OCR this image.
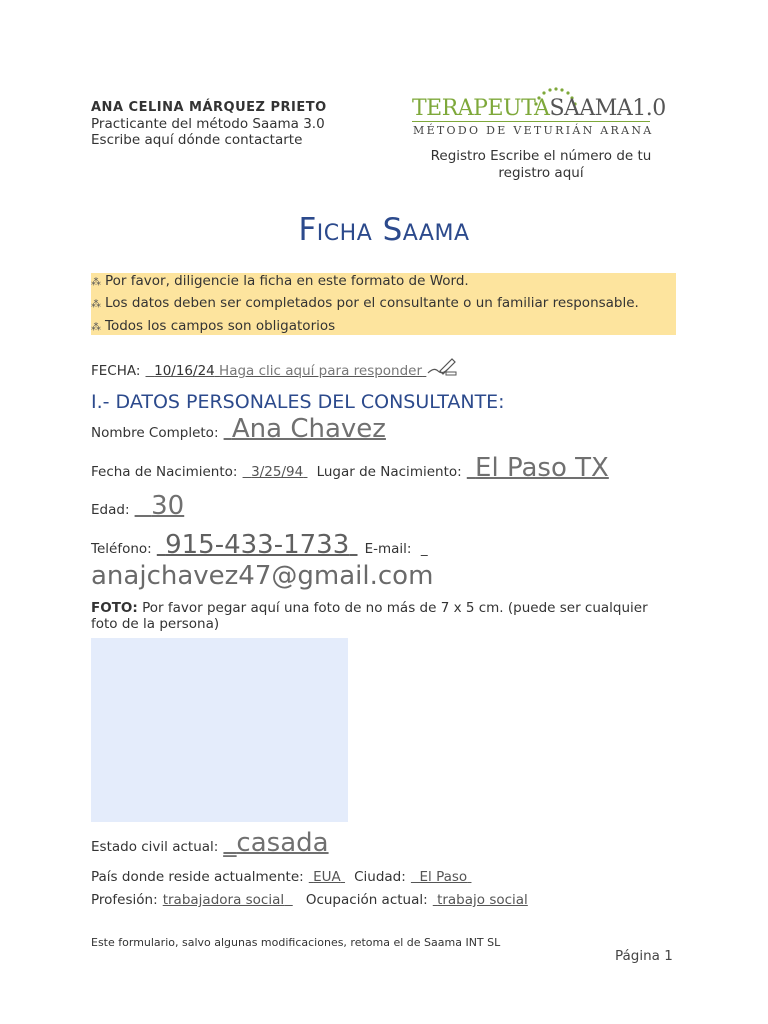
ANA CELINA MÁRQUEZ PRIETO
Practicante del método Saama 3.0
Escribe aquí dónde contactarte
TERAPEUTASAAMA1.0
MÉTODO DE VETURIÁN ARANA
Registro Escribe el número de tu registro aquí
Ficha Saama
⁂ Por favor, diligencie la ficha en este formato de Word.
⁂ Los datos deben ser completados por el consultante o un familiar responsable.
⁂ Todos los campos son obligatorios
FECHA: 10/16/24 Haga clic aquí para responder
I.- DATOS PERSONALES DEL CONSULTANTE:
Nombre Completo: Ana Chavez
Fecha de Nacimiento: 3/25/94 Lugar de Nacimiento: El Paso TX
Edad: 30
Teléfono: 915-433-1733 E-mail:  _
anajchavez47@gmail.com
FOTO: Por favor pegar aquí una foto de no más de 7 x 5 cm. (puede ser cualquier foto de la persona)
Estado civil actual: _casada
País donde reside actualmente: EUA Ciudad: El Paso
Profesión: trabajadora social Ocupación actual: trabajo social
Este formulario, salvo algunas modificaciones, retoma el de Saama INT SL
Página 1
